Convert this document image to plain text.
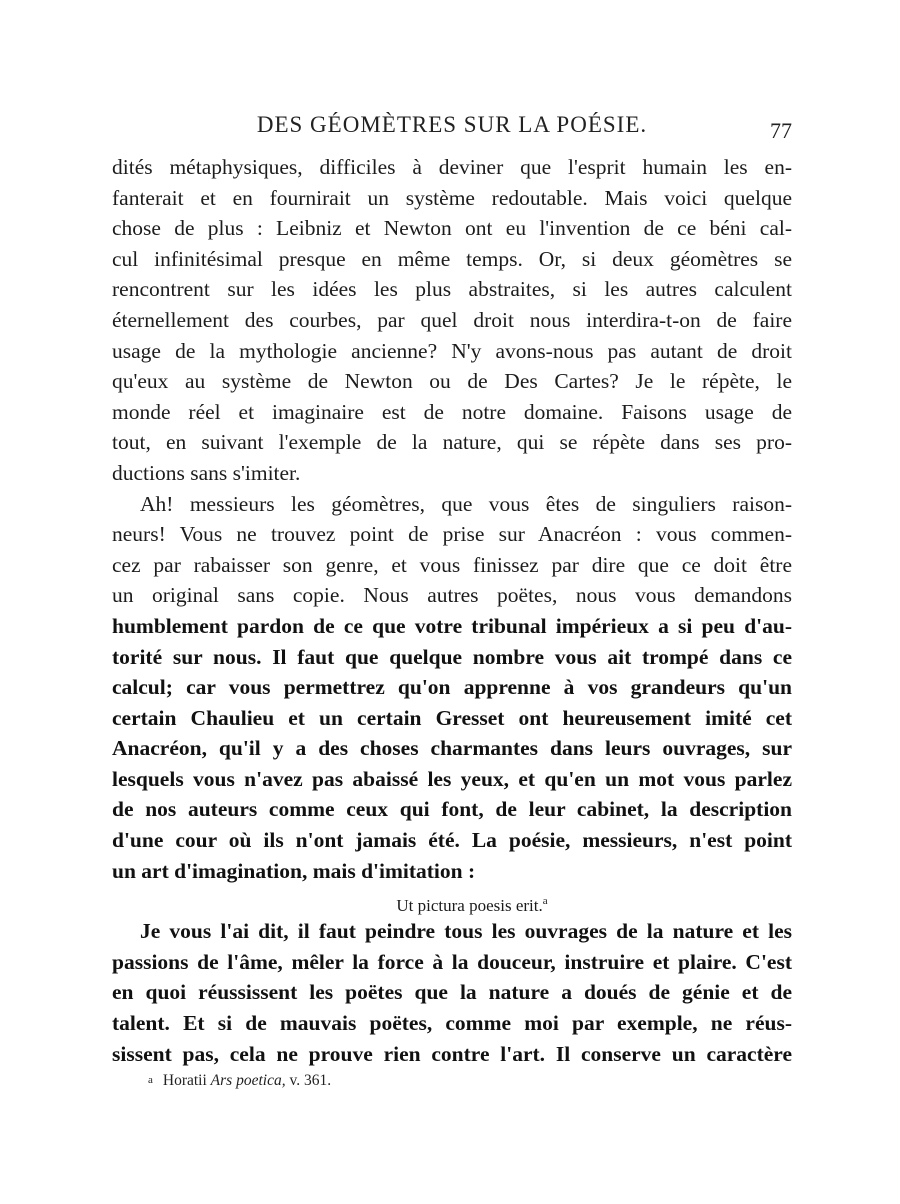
DES GÉOMÈTRES SUR LA POÉSIE.	77
dités métaphysiques, difficiles à deviner que l'esprit humain les en-
fanterait et en fournirait un système redoutable. Mais voici quelque
chose de plus : Leibniz et Newton ont eu l'invention de ce béni cal-
cul infinitésimal presque en même temps. Or, si deux géomètres se
rencontrent sur les idées les plus abstraites, si les autres calculent
éternellement des courbes, par quel droit nous interdira-t-on de faire
usage de la mythologie ancienne? N'y avons-nous pas autant de droit
qu'eux au système de Newton ou de Des Cartes? Je le répète, le
monde réel et imaginaire est de notre domaine. Faisons usage de
tout, en suivant l'exemple de la nature, qui se répète dans ses pro-
ductions sans s'imiter.
Ah! messieurs les géomètres, que vous êtes de singuliers raison-
neurs! Vous ne trouvez point de prise sur Anacréon : vous commen-
cez par rabaisser son genre, et vous finissez par dire que ce doit être
un original sans copie. Nous autres poëtes, nous vous demandons
humblement pardon de ce que votre tribunal impérieux a si peu d'au-
torité sur nous. Il faut que quelque nombre vous ait trompé dans ce
calcul; car vous permettrez qu'on apprenne à vos grandeurs qu'un
certain Chaulieu et un certain Gresset ont heureusement imité cet
Anacréon, qu'il y a des choses charmantes dans leurs ouvrages, sur
lesquels vous n'avez pas abaissé les yeux, et qu'en un mot vous parlez
de nos auteurs comme ceux qui font, de leur cabinet, la description
d'une cour où ils n'ont jamais été. La poésie, messieurs, n'est point
un art d'imagination, mais d'imitation :
Ut pictura poesis erit.$^a$
Je vous l'ai dit, il faut peindre tous les ouvrages de la nature et les
passions de l'âme, mêler la force à la douceur, instruire et plaire. C'est
en quoi réussissent les poëtes que la nature a doués de génie et de
talent. Et si de mauvais poëtes, comme moi par exemple, ne réus-
sissent pas, cela ne prouve rien contre l'art. Il conserve un caractère
a Horatii Ars poetica, v. 361.
